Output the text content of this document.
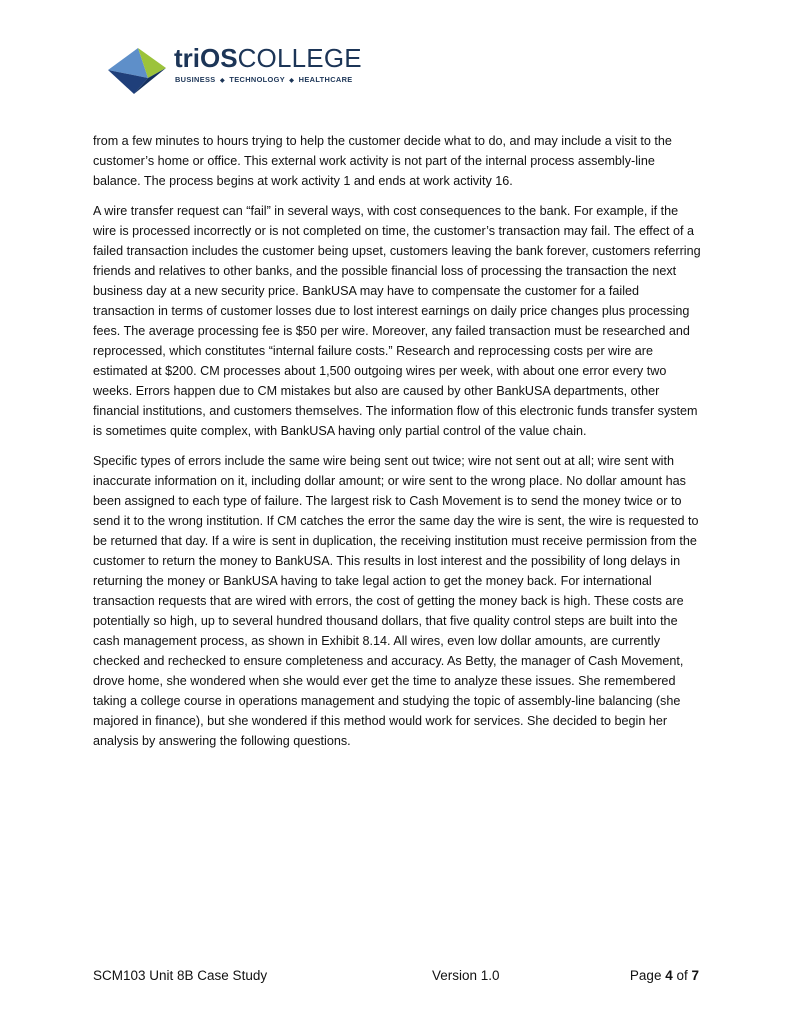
triOSCOLLEGE
BUSINESS ◆ TECHNOLOGY ◆ HEALTHCARE

from a few minutes to hours trying to help the customer decide what to do, and may include a visit to the customer’s home or office. This external work activity is not part of the internal process assembly-line balance. The process begins at work activity 1 and ends at work activity 16.

A wire transfer request can “fail” in several ways, with cost consequences to the bank. For example, if the wire is processed incorrectly or is not completed on time, the customer’s transaction may fail. The effect of a failed transaction includes the customer being upset, customers leaving the bank forever, customers referring friends and relatives to other banks, and the possible financial loss of processing the transaction the next business day at a new security price. BankUSA may have to compensate the customer for a failed transaction in terms of customer losses due to lost interest earnings on daily price changes plus processing fees. The average processing fee is $50 per wire. Moreover, any failed transaction must be researched and reprocessed, which constitutes “internal failure costs.” Research and reprocessing costs per wire are estimated at $200. CM processes about 1,500 outgoing wires per week, with about one error every two weeks. Errors happen due to CM mistakes but also are caused by other BankUSA departments, other financial institutions, and customers themselves. The information flow of this electronic funds transfer system is sometimes quite complex, with BankUSA having only partial control of the value chain.

Specific types of errors include the same wire being sent out twice; wire not sent out at all; wire sent with inaccurate information on it, including dollar amount; or wire sent to the wrong place. No dollar amount has been assigned to each type of failure. The largest risk to Cash Movement is to send the money twice or to send it to the wrong institution. If CM catches the error the same day the wire is sent, the wire is requested to be returned that day. If a wire is sent in duplication, the receiving institution must receive permission from the customer to return the money to BankUSA. This results in lost interest and the possibility of long delays in returning the money or BankUSA having to take legal action to get the money back. For international transaction requests that are wired with errors, the cost of getting the money back is high. These costs are potentially so high, up to several hundred thousand dollars, that five quality control steps are built into the cash management process, as shown in Exhibit 8.14. All wires, even low dollar amounts, are currently checked and rechecked to ensure completeness and accuracy. As Betty, the manager of Cash Movement, drove home, she wondered when she would ever get the time to analyze these issues. She remembered taking a college course in operations management and studying the topic of assembly-line balancing (she majored in finance), but she wondered if this method would work for services. She decided to begin her analysis by answering the following questions.

SCM103 Unit 8B Case Study	Version 1.0	Page 4 of 7
